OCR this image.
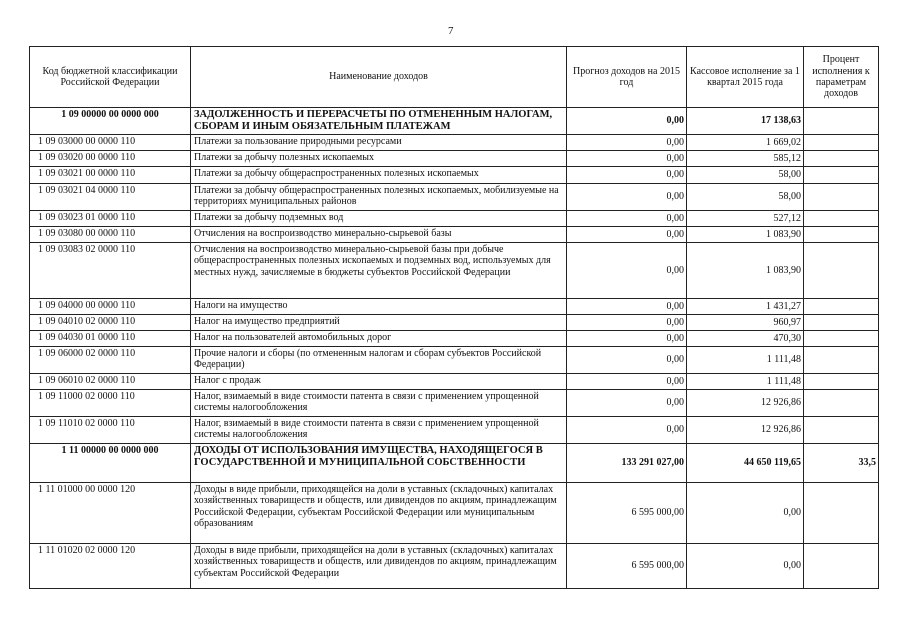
7
Код бюджетной классификации Российской Федерации	Наименование доходов	Прогноз доходов на 2015 год	Кассовое исполнение за 1 квартал 2015 года	Процент исполнения к параметрам доходов
1 09 00000 00 0000 000	ЗАДОЛЖЕННОСТЬ И ПЕРЕРАСЧЕТЫ ПО ОТМЕНЕННЫМ НАЛОГАМ, СБОРАМ И ИНЫМ ОБЯЗАТЕЛЬНЫМ ПЛАТЕЖАМ	0,00	17 138,63	
1 09 03000 00 0000 110	Платежи за пользование природными ресурсами	0,00	1 669,02	
1 09 03020 00 0000 110	Платежи за добычу полезных ископаемых	0,00	585,12	
1 09 03021 00 0000 110	Платежи за добычу общераспространенных полезных ископаемых	0,00	58,00	
1 09 03021 04 0000 110	Платежи за добычу общераспространенных полезных ископаемых, мобилизуемые на территориях муниципальных районов	0,00	58,00	
1 09 03023 01 0000 110	Платежи за добычу подземных вод	0,00	527,12	
1 09 03080 00 0000 110	Отчисления на воспроизводство минерально-сырьевой базы	0,00	1 083,90	
1 09 03083 02 0000 110	Отчисления на воспроизводство минерально-сырьевой базы при добыче общераспространенных полезных ископаемых и подземных вод, используемых для местных нужд, зачисляемые в бюджеты субъектов Российской Федерации	0,00	1 083,90	
1 09 04000 00 0000 110	Налоги на имущество	0,00	1 431,27	
1 09 04010 02 0000 110	Налог на имущество предприятий	0,00	960,97	
1 09 04030 01 0000 110	Налог на пользователей автомобильных дорог	0,00	470,30	
1 09 06000 02 0000 110	Прочие налоги и сборы (по отмененным налогам и сборам субъектов Российской Федерации)	0,00	1 111,48	
1 09 06010 02 0000 110	Налог с продаж	0,00	1 111,48	
1 09 11000 02 0000 110	Налог, взимаемый в виде стоимости патента в связи с применением упрощенной системы налогообложения	0,00	12 926,86	
1 09 11010 02 0000 110	Налог, взимаемый в виде стоимости патента в связи с применением упрощенной системы налогообложения	0,00	12 926,86	
1 11 00000 00 0000 000	ДОХОДЫ ОТ ИСПОЛЬЗОВАНИЯ ИМУЩЕСТВА, НАХОДЯЩЕГОСЯ В ГОСУДАРСТВЕННОЙ И МУНИЦИПАЛЬНОЙ СОБСТВЕННОСТИ	133 291 027,00	44 650 119,65	33,5
1 11 01000 00 0000 120	Доходы в виде прибыли, приходящейся на доли в уставных (складочных) капиталах хозяйственных товариществ и обществ, или дивидендов по акциям, принадлежащим Российской Федерации, субъектам Российской Федерации или муниципальным образованиям	6 595 000,00	0,00	
1 11 01020 02 0000 120	Доходы в виде прибыли, приходящейся на доли в уставных (складочных) капиталах хозяйственных товариществ и обществ, или дивидендов по акциям, принадлежащим субъектам Российской Федерации	6 595 000,00	0,00	
